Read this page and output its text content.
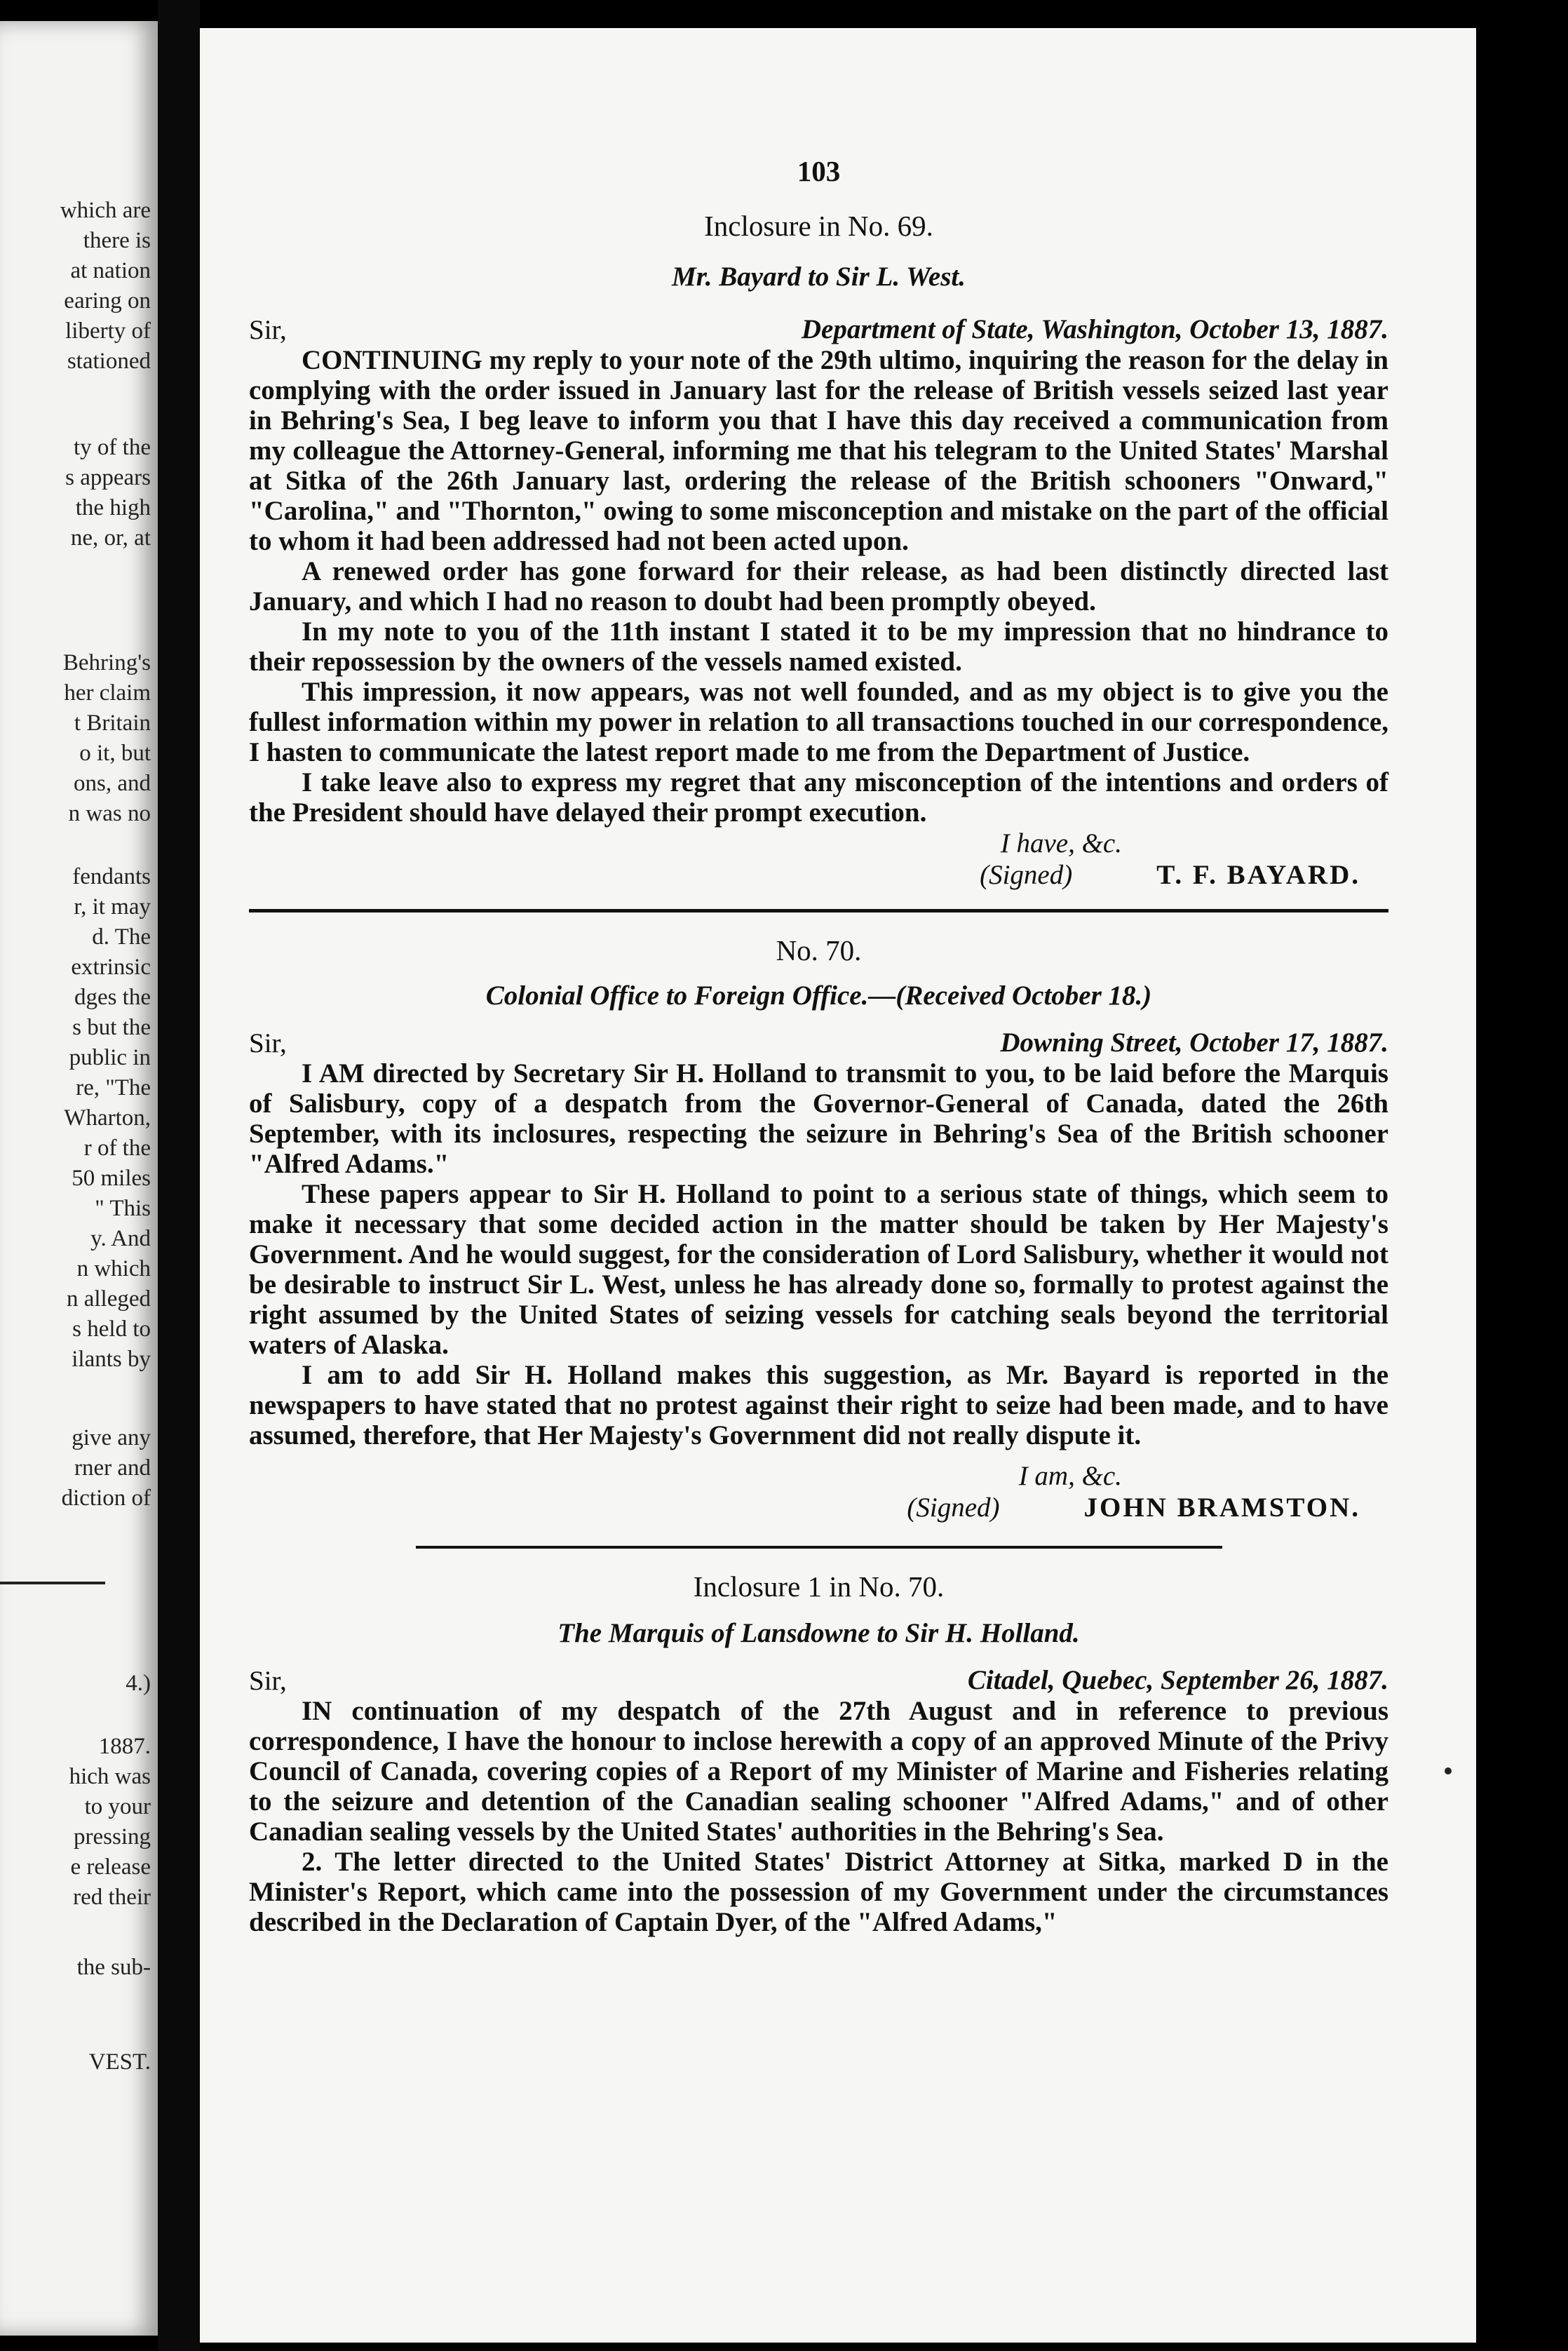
which are
there is
at nation
earing on
liberty of
stationed
ty of the
s appears
the high
ne, or, at
Behring's
her claim
t Britain
o it, but
ons, and
n was no
fendants
r, it may
d. The
extrinsic
dges the
s but the
public in
re, "The
Wharton,
r of the
50 miles
" This
y. And
n which
n alleged
s held to
ilants by
give any
rner and
diction of
4.)
1887.
hich was
to your
pressing
e release
red their
the sub-
VEST.

103

Inclosure in No. 69.

Mr. Bayard to Sir L. West.

Sir,	Department of State, Washington, October 13, 1887.

CONTINUING my reply to your note of the 29th ultimo, inquiring the reason for the delay in complying with the order issued in January last for the release of British vessels seized last year in Behring's Sea, I beg leave to inform you that I have this day received a communication from my colleague the Attorney-General, informing me that his telegram to the United States' Marshal at Sitka of the 26th January last, ordering the release of the British schooners "Onward," "Carolina," and "Thornton," owing to some misconception and mistake on the part of the official to whom it had been addressed had not been acted upon.

A renewed order has gone forward for their release, as had been distinctly directed last January, and which I had no reason to doubt had been promptly obeyed.

In my note to you of the 11th instant I stated it to be my impression that no hindrance to their repossession by the owners of the vessels named existed.

This impression, it now appears, was not well founded, and as my object is to give you the fullest information within my power in relation to all transactions touched in our correspondence, I hasten to communicate the latest report made to me from the Department of Justice.

I take leave also to express my regret that any misconception of the intentions and orders of the President should have delayed their prompt execution.

I have, &c.

(Signed)	T. F. BAYARD.

No. 70.

Colonial Office to Foreign Office.—(Received October 18.)

Sir,	Downing Street, October 17, 1887.

I AM directed by Secretary Sir H. Holland to transmit to you, to be laid before the Marquis of Salisbury, copy of a despatch from the Governor-General of Canada, dated the 26th September, with its inclosures, respecting the seizure in Behring's Sea of the British schooner "Alfred Adams."

These papers appear to Sir H. Holland to point to a serious state of things, which seem to make it necessary that some decided action in the matter should be taken by Her Majesty's Government. And he would suggest, for the consideration of Lord Salisbury, whether it would not be desirable to instruct Sir L. West, unless he has already done so, formally to protest against the right assumed by the United States of seizing vessels for catching seals beyond the territorial waters of Alaska.

I am to add Sir H. Holland makes this suggestion, as Mr. Bayard is reported in the newspapers to have stated that no protest against their right to seize had been made, and to have assumed, therefore, that Her Majesty's Government did not really dispute it.

I am, &c.

(Signed)	JOHN BRAMSTON.

Inclosure 1 in No. 70.

The Marquis of Lansdowne to Sir H. Holland.

Sir,	Citadel, Quebec, September 26, 1887.

IN continuation of my despatch of the 27th August and in reference to previous correspondence, I have the honour to inclose herewith a copy of an approved Minute of the Privy Council of Canada, covering copies of a Report of my Minister of Marine and Fisheries relating to the seizure and detention of the Canadian sealing schooner "Alfred Adams," and of other Canadian sealing vessels by the United States' authorities in the Behring's Sea.

2. The letter directed to the United States' District Attorney at Sitka, marked D in the Minister's Report, which came into the possession of my Government under the circumstances described in the Declaration of Captain Dyer, of the "Alfred Adams,"
